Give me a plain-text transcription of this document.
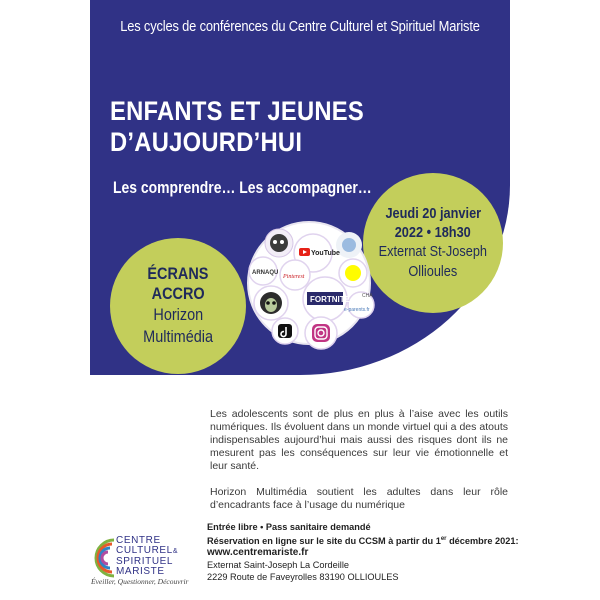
Les cycles de conférences du Centre Culturel et Spirituel Mariste
ENFANTS ET JEUNES
D’AUJOURD’HUI
Les comprendre… Les accompagner…
Jeudi 20 janvier
2022 • 18h30
Externat St-Joseph
Ollioules
ÉCRANS
ACCRO
Horizon
Multimédia
YouTube
ARNAQU
Pinterest
CHA
FORTNITE
e-parents.fr

Les adolescents sont de plus en plus à l’aise avec les outils numériques. Ils évoluent dans un monde virtuel qui a des atouts indispensables aujourd’hui mais aussi des risques dont ils ne mesurent pas les conséquences sur leur vie émotionnelle et leur santé.

Horizon Multimédia soutient les adultes dans leur rôle d’encadrants face à l’usage du numérique

Entrée libre • Pass sanitaire demandé
Réservation en ligne sur le site du CCSM à partir du 1er décembre 2021:
www.centremariste.fr
Externat Saint-Joseph La Cordeille
2229 Route de Faveyrolles 83190 OLLIOULES
CENTRE
CULTUREL&
SPIRITUEL
MARISTE
Éveiller, Questionner, Découvrir
